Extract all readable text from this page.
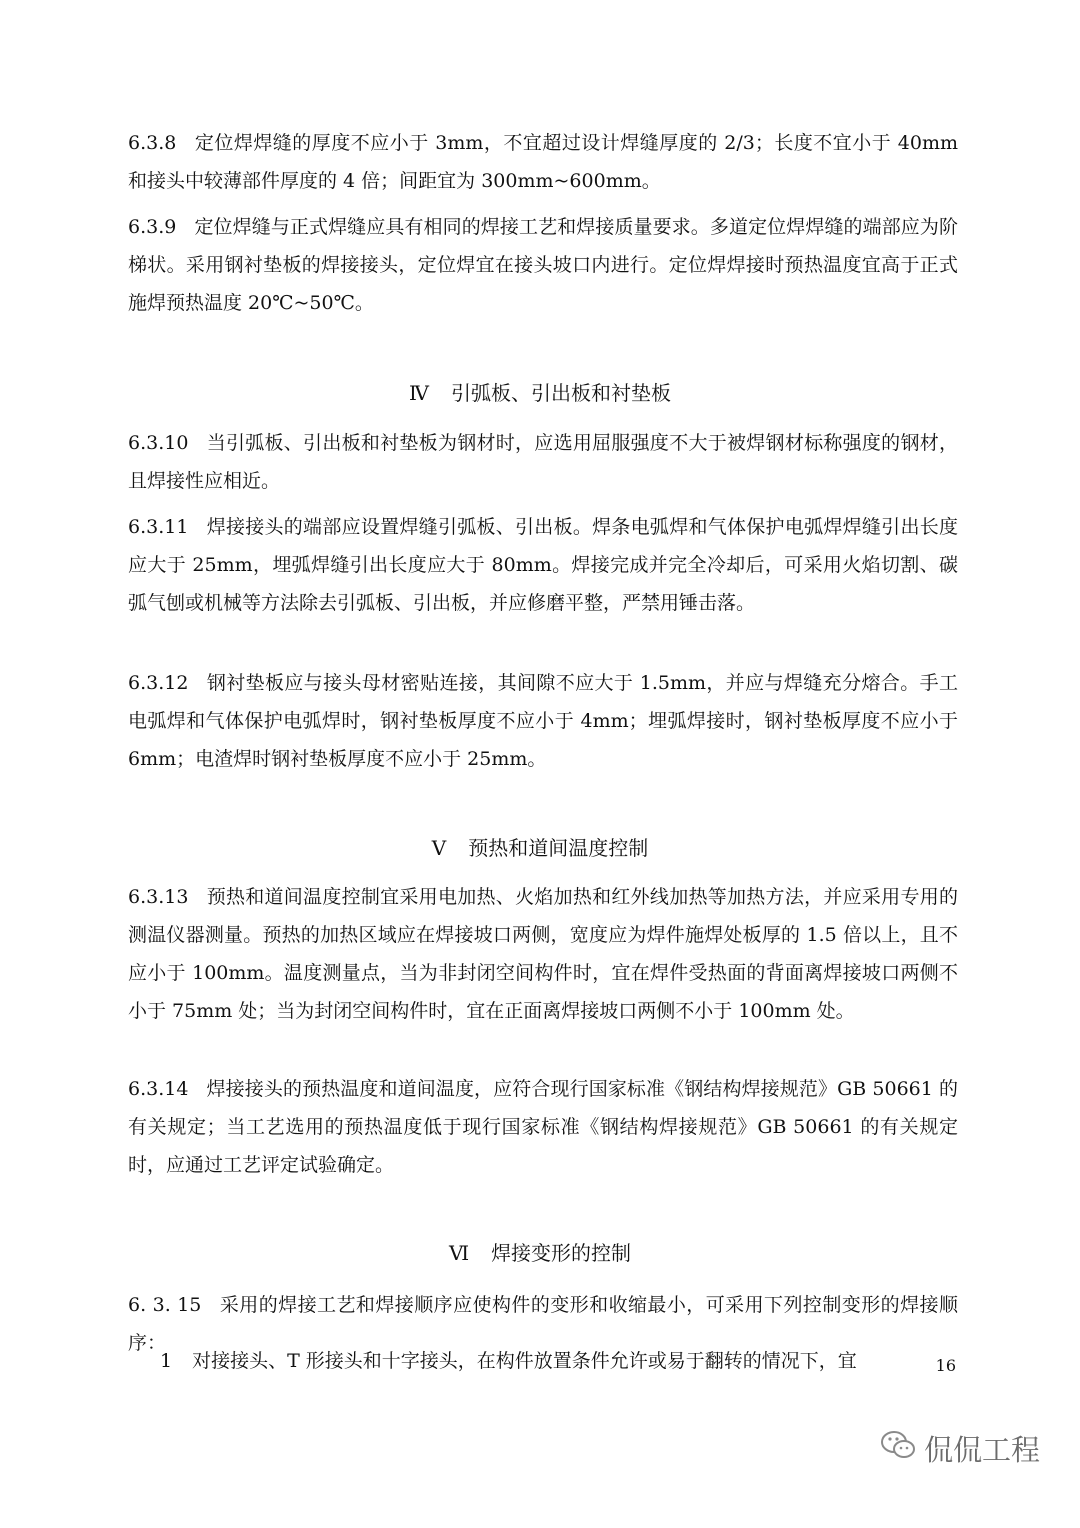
6.3.8 定位焊焊缝的厚度不应小于 3mm，不宜超过设计焊缝厚度的 2/3；长度不宜小于 40mm 和接头中较薄部件厚度的 4 倍；间距宜为 300mm~600mm。

6.3.9 定位焊缝与正式焊缝应具有相同的焊接工艺和焊接质量要求。多道定位焊焊缝的端部应为阶梯状。采用钢衬垫板的焊接接头，定位焊宜在接头坡口内进行。定位焊焊接时预热温度宜高于正式施焊预热温度 20℃~50℃。

Ⅳ 引弧板、引出板和衬垫板

6.3.10 当引弧板、引出板和衬垫板为钢材时，应选用屈服强度不大于被焊钢材标称强度的钢材，且焊接性应相近。

6.3.11 焊接接头的端部应设置焊缝引弧板、引出板。焊条电弧焊和气体保护电弧焊焊缝引出长度应大于 25mm，埋弧焊缝引出长度应大于 80mm。焊接完成并完全冷却后，可采用火焰切割、碳弧气刨或机械等方法除去引弧板、引出板，并应修磨平整，严禁用锤击落。

6.3.12 钢衬垫板应与接头母材密贴连接，其间隙不应大于 1.5mm，并应与焊缝充分熔合。手工电弧焊和气体保护电弧焊时，钢衬垫板厚度不应小于 4mm；埋弧焊接时，钢衬垫板厚度不应小于 6mm；电渣焊时钢衬垫板厚度不应小于 25mm。

Ⅴ 预热和道间温度控制

6.3.13 预热和道间温度控制宜采用电加热、火焰加热和红外线加热等加热方法，并应采用专用的测温仪器测量。预热的加热区域应在焊接坡口两侧，宽度应为焊件施焊处板厚的 1.5 倍以上，且不应小于 100mm。温度测量点，当为非封闭空间构件时，宜在焊件受热面的背面离焊接坡口两侧不小于 75mm 处；当为封闭空间构件时，宜在正面离焊接坡口两侧不小于 100mm 处。

6.3.14 焊接接头的预热温度和道间温度，应符合现行国家标准《钢结构焊接规范》GB 50661 的有关规定；当工艺选用的预热温度低于现行国家标准《钢结构焊接规范》GB 50661 的有关规定时，应通过工艺评定试验确定。

Ⅵ 焊接变形的控制

6. 3. 15 采用的焊接工艺和焊接顺序应使构件的变形和收缩最小，可采用下列控制变形的焊接顺序：

1 对接接头、T 形接头和十字接头，在构件放置条件允许或易于翻转的情况下，宜	16
侃侃工程
